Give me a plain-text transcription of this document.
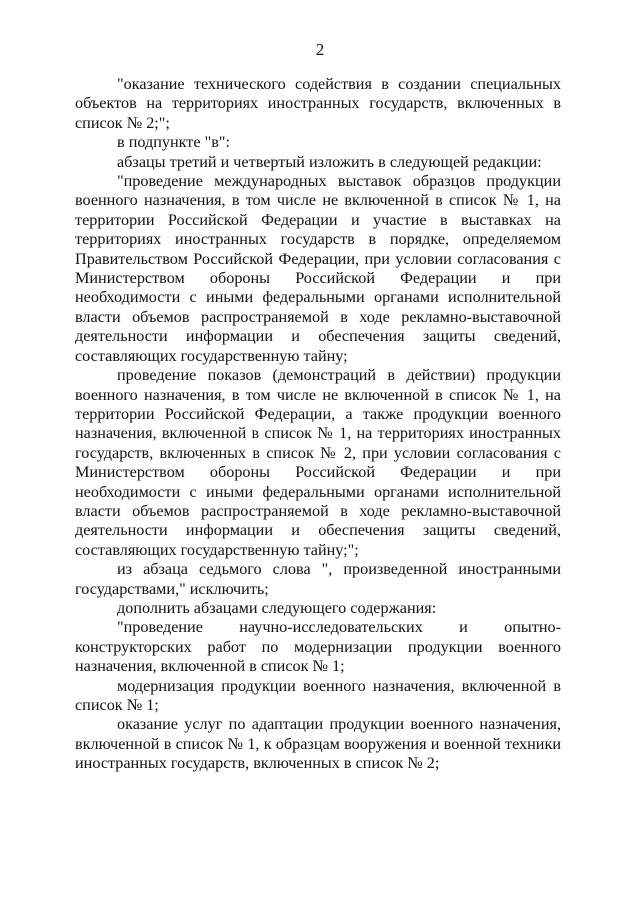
2

"оказание технического содействия в создании специальных объектов на территориях иностранных государств, включенных в список № 2;";

в подпункте "в":

абзацы третий и четвертый изложить в следующей редакции:

"проведение международных выставок образцов продукции военного назначения, в том числе не включенной в список № 1, на территории Российской Федерации и участие в выставках на территориях иностранных государств в порядке, определяемом Правительством Российской Федерации, при условии согласования с Министерством обороны Российской Федерации и при необходимости с иными федеральными органами исполнительной власти объемов распространяемой в ходе рекламно-выставочной деятельности информации и обеспечения защиты сведений, составляющих государственную тайну;

проведение показов (демонстраций в действии) продукции военного назначения, в том числе не включенной в список № 1, на территории Российской Федерации, а также продукции военного назначения, включенной в список № 1, на территориях иностранных государств, включенных в список № 2, при условии согласования с Министерством обороны Российской Федерации и при необходимости с иными федеральными органами исполнительной власти объемов распространяемой в ходе рекламно-выставочной деятельности информации и обеспечения защиты сведений, составляющих государственную тайну;";

из абзаца седьмого слова ", произведенной иностранными государствами," исключить;

дополнить абзацами следующего содержания:

"проведение научно-исследовательских и опытно-конструкторских работ по модернизации продукции военного назначения, включенной в список № 1;

модернизация продукции военного назначения, включенной в список № 1;

оказание услуг по адаптации продукции военного назначения, включенной в список № 1, к образцам вооружения и военной техники иностранных государств, включенных в список № 2;
